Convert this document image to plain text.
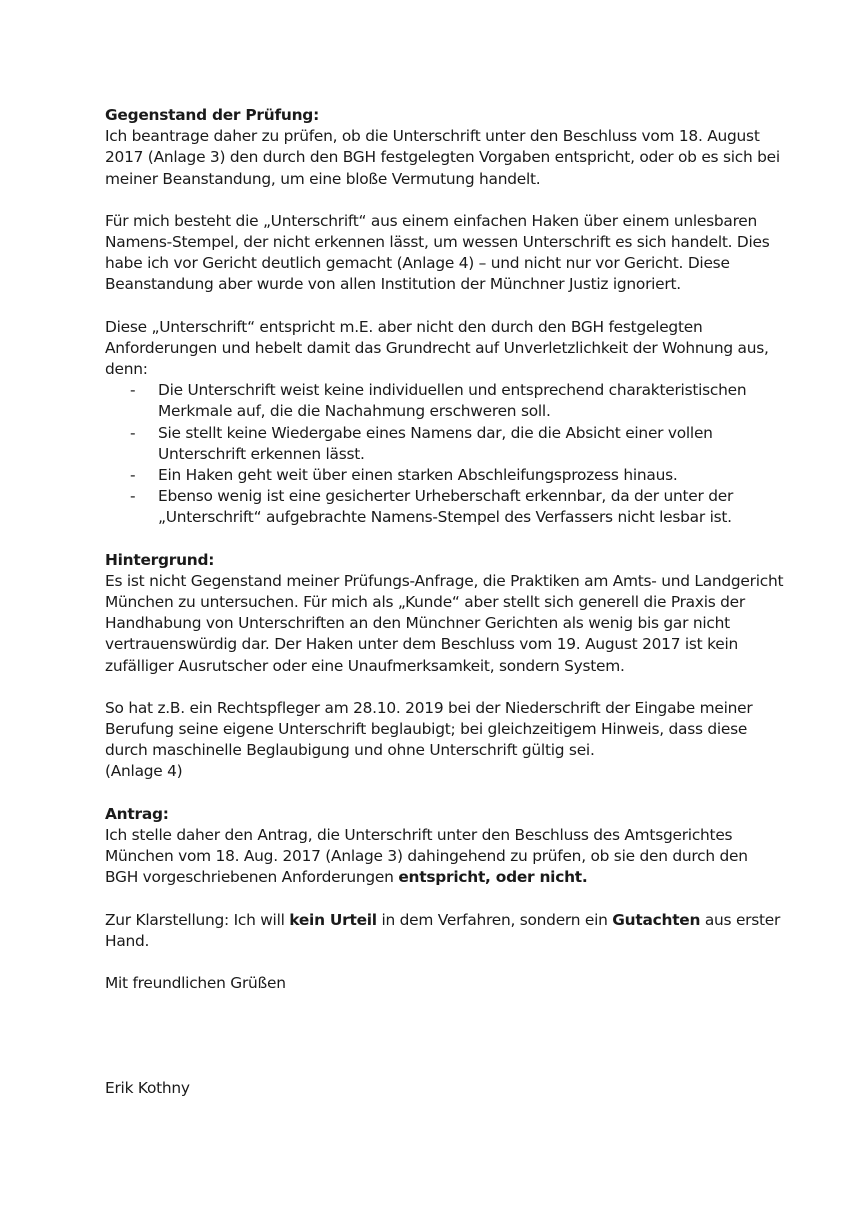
Gegenstand der Prüfung:

Ich beantrage daher zu prüfen, ob die Unterschrift unter den Beschluss vom 18. August 2017 (Anlage 3) den durch den BGH festgelegten Vorgaben entspricht, oder ob es sich bei meiner Beanstandung, um eine bloße Vermutung handelt.

Für mich besteht die „Unterschrift“ aus einem einfachen Haken über einem unlesbaren Namens-Stempel, der nicht erkennen lässt, um wessen Unterschrift es sich handelt. Dies habe ich vor Gericht deutlich gemacht (Anlage 4) – und nicht nur vor Gericht. Diese Beanstandung aber wurde von allen Institution der Münchner Justiz ignoriert.

Diese „Unterschrift“ entspricht m.E. aber nicht den durch den BGH festgelegten Anforderungen und hebelt damit das Grundrecht auf Unverletzlichkeit der Wohnung aus, denn:

- Die Unterschrift weist keine individuellen und entsprechend charakteristischen Merkmale auf, die die Nachahmung erschweren soll.
- Sie stellt keine Wiedergabe eines Namens dar, die die Absicht einer vollen Unterschrift erkennen lässt.
- Ein Haken geht weit über einen starken Abschleifungsprozess hinaus.
- Ebenso wenig ist eine gesicherter Urheberschaft erkennbar, da der unter der „Unterschrift“ aufgebrachte Namens-Stempel des Verfassers nicht lesbar ist.

Hintergrund:

Es ist nicht Gegenstand meiner Prüfungs-Anfrage, die Praktiken am Amts- und Landgericht München zu untersuchen. Für mich als „Kunde“ aber stellt sich generell die Praxis der Handhabung von Unterschriften an den Münchner Gerichten als wenig bis gar nicht vertrauenswürdig dar. Der Haken unter dem Beschluss vom 19. August 2017 ist kein zufälliger Ausrutscher oder eine Unaufmerksamkeit, sondern System.

So hat z.B. ein Rechtspfleger am 28.10. 2019 bei der Niederschrift der Eingabe meiner Berufung seine eigene Unterschrift beglaubigt; bei gleichzeitigem Hinweis, dass diese durch maschinelle Beglaubigung und ohne Unterschrift gültig sei.
(Anlage 4)

Antrag:

Ich stelle daher den Antrag, die Unterschrift unter den Beschluss des Amtsgerichtes München vom 18. Aug. 2017 (Anlage 3) dahingehend zu prüfen, ob sie den durch den BGH vorgeschriebenen Anforderungen entspricht, oder nicht.

Zur Klarstellung: Ich will kein Urteil in dem Verfahren, sondern ein Gutachten aus erster Hand.

Mit freundlichen Grüßen

Erik Kothny
